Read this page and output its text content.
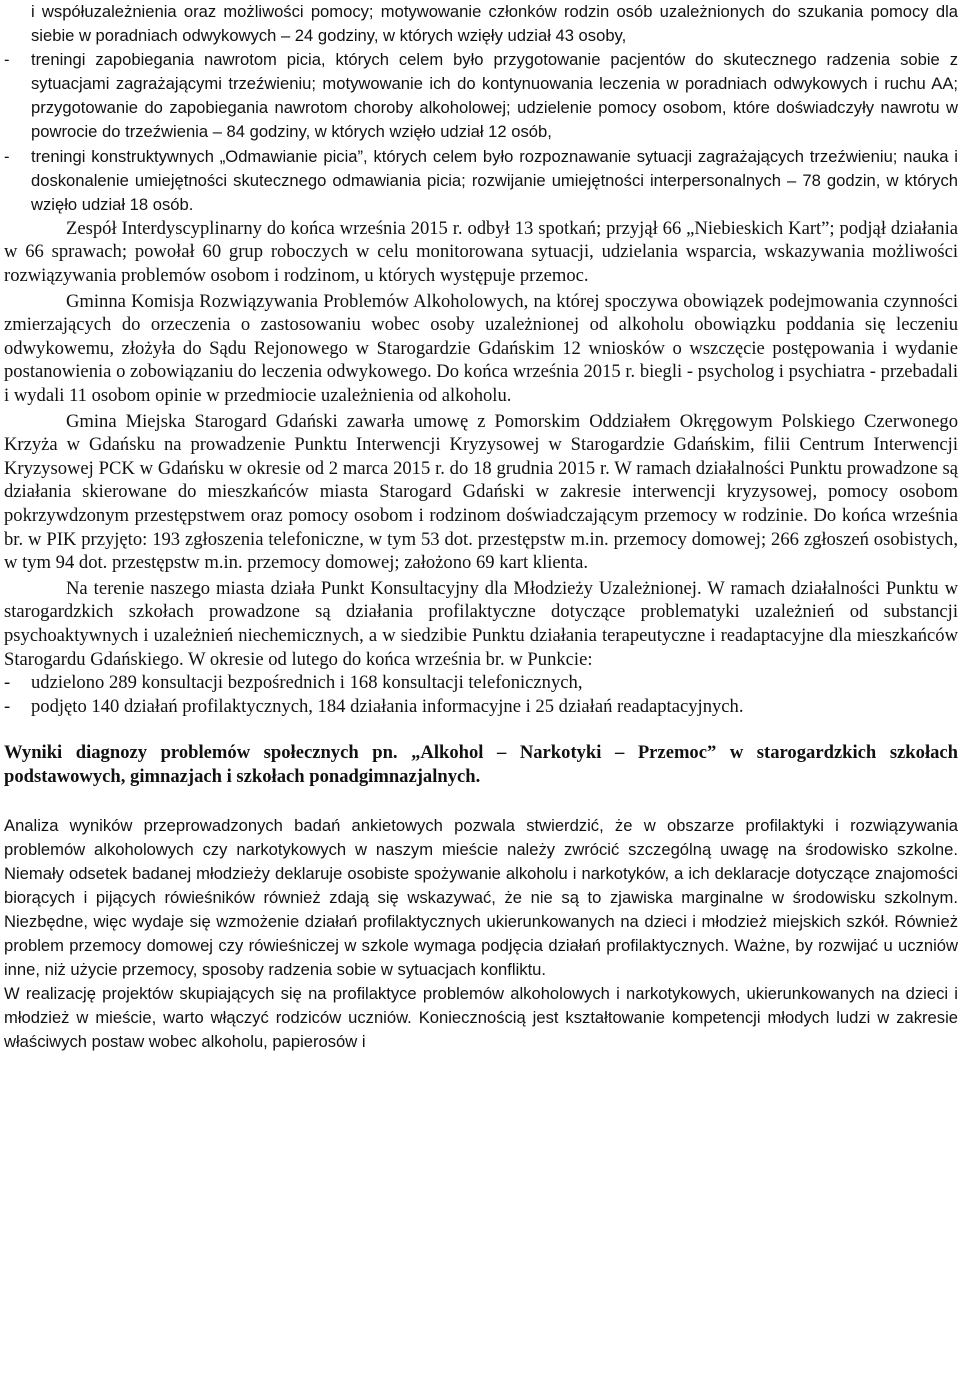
i współuzależnienia oraz możliwości pomocy; motywowanie członków rodzin osób uzależnionych do szukania pomocy dla siebie w poradniach odwykowych – 24 godziny, w których wzięły udział 43 osoby,

- treningi zapobiegania nawrotom picia, których celem było przygotowanie pacjentów do skutecznego radzenia sobie z sytuacjami zagrażającymi trzeźwieniu; motywowanie ich do kontynuowania leczenia w poradniach odwykowych i ruchu AA; przygotowanie do zapobiegania nawrotom choroby alkoholowej; udzielenie pomocy osobom, które doświadczyły nawrotu w powrocie do trzeźwienia – 84 godziny, w których wzięło udział 12 osób,

- treningi konstruktywnych „Odmawianie picia”, których celem było rozpoznawanie sytuacji zagrażających trzeźwieniu; nauka i doskonalenie umiejętności skutecznego odmawiania picia; rozwijanie umiejętności interpersonalnych – 78 godzin, w których wzięło udział 18 osób.

Zespół Interdyscyplinarny do końca września 2015 r. odbył 13 spotkań; przyjął 66 „Niebieskich Kart”; podjął działania w 66 sprawach; powołał 60 grup roboczych w celu monitorowana sytuacji, udzielania wsparcia, wskazywania możliwości rozwiązywania problemów osobom i rodzinom, u których występuje przemoc.

Gminna Komisja Rozwiązywania Problemów Alkoholowych, na której spoczywa obowiązek podejmowania czynności zmierzających do orzeczenia o zastosowaniu wobec osoby uzależnionej od alkoholu obowiązku poddania się leczeniu odwykowemu, złożyła do Sądu Rejonowego w Starogardzie Gdańskim 12 wniosków o wszczęcie postępowania i wydanie postanowienia o zobowiązaniu do leczenia odwykowego. Do końca września 2015 r. biegli - psycholog i psychiatra - przebadali i wydali 11 osobom opinie w przedmiocie uzależnienia od alkoholu.

Gmina Miejska Starogard Gdański zawarła umowę z Pomorskim Oddziałem Okręgowym Polskiego Czerwonego Krzyża w Gdańsku na prowadzenie Punktu Interwencji Kryzysowej w Starogardzie Gdańskim, filii Centrum Interwencji Kryzysowej PCK w Gdańsku w okresie od 2 marca 2015 r. do 18 grudnia 2015 r. W ramach działalności Punktu prowadzone są działania skierowane do mieszkańców miasta Starogard Gdański w zakresie interwencji kryzysowej, pomocy osobom pokrzywdzonym przestępstwem oraz pomocy osobom i rodzinom doświadczającym przemocy w rodzinie. Do końca września br. w PIK przyjęto: 193 zgłoszenia telefoniczne, w tym 53 dot. przestępstw m.in. przemocy domowej; 266 zgłoszeń osobistych, w tym 94 dot. przestępstw m.in. przemocy domowej; założono 69 kart klienta.

Na terenie naszego miasta działa Punkt Konsultacyjny dla Młodzieży Uzależnionej. W ramach działalności Punktu w starogardzkich szkołach prowadzone są działania profilaktyczne dotyczące problematyki uzależnień od substancji psychoaktywnych i uzależnień niechemicznych, a w siedzibie Punktu działania terapeutyczne i readaptacyjne dla mieszkańców Starogardu Gdańskiego. W okresie od lutego do końca września br. w Punkcie:

- udzielono 289 konsultacji bezpośrednich i 168 konsultacji telefonicznych,

- podjęto 140 działań profilaktycznych, 184 działania informacyjne i 25 działań readaptacyjnych.

Wyniki diagnozy problemów społecznych pn. „Alkohol – Narkotyki – Przemoc” w starogardzkich szkołach podstawowych, gimnazjach i szkołach ponadgimnazjalnych.

Analiza wyników przeprowadzonych badań ankietowych pozwala stwierdzić, że w obszarze profilaktyki i rozwiązywania problemów alkoholowych czy narkotykowych w naszym mieście należy zwrócić szczególną uwagę na środowisko szkolne. Niemały odsetek badanej młodzieży deklaruje osobiste spożywanie alkoholu i narkotyków, a ich deklaracje dotyczące znajomości biorących i pijących rówieśników również zdają się wskazywać, że nie są to zjawiska marginalne w środowisku szkolnym. Niezbędne, więc wydaje się wzmożenie działań profilaktycznych ukierunkowanych na dzieci i młodzież miejskich szkół. Również problem przemocy domowej czy rówieśniczej w szkole wymaga podjęcia działań profilaktycznych. Ważne, by rozwijać u uczniów inne, niż użycie przemocy, sposoby radzenia sobie w sytuacjach konfliktu.

W realizację projektów skupiających się na profilaktyce problemów alkoholowych i narkotykowych, ukierunkowanych na dzieci i młodzież w mieście, warto włączyć rodziców uczniów. Koniecznością jest kształtowanie kompetencji młodych ludzi w zakresie właściwych postaw wobec alkoholu, papierosów i
